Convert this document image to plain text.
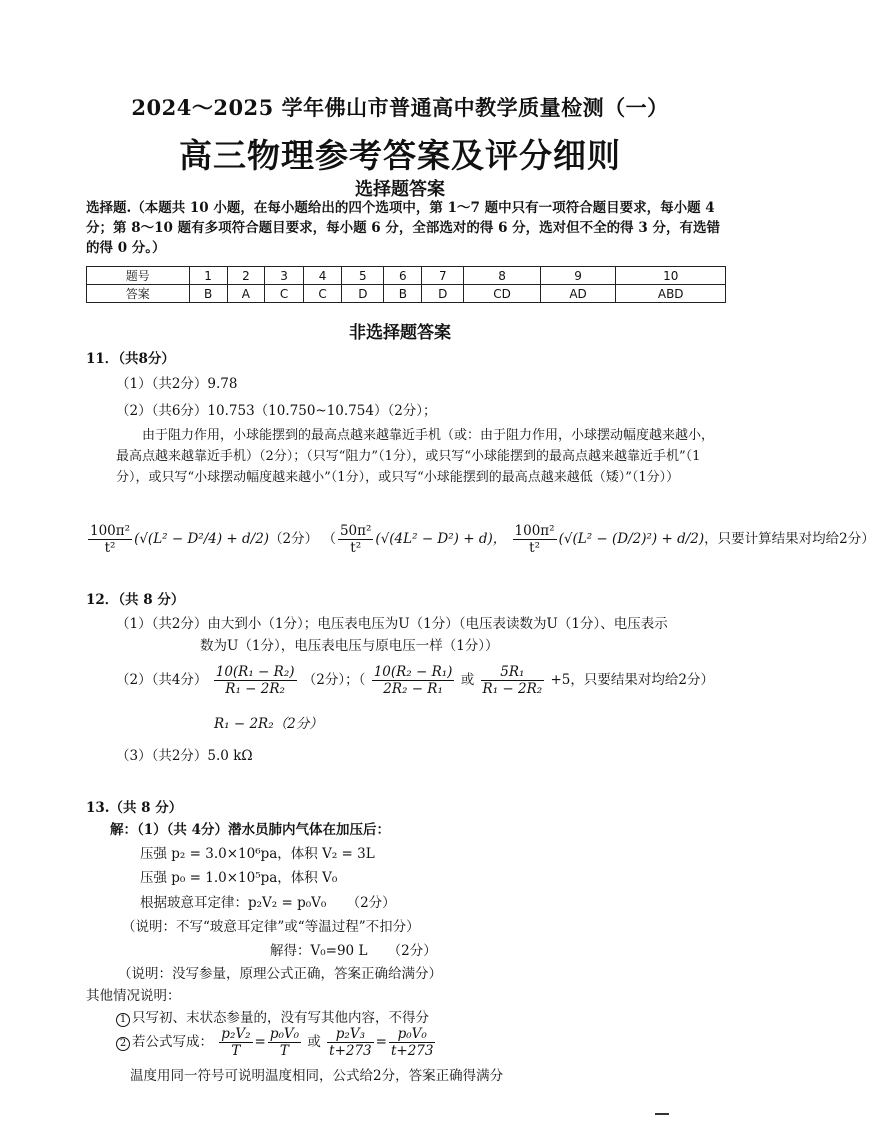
2024～2025 学年佛山市普通高中教学质量检测（一）
高三物理参考答案及评分细则
选择题答案
选择题.（本题共 10 小题，在每小题给出的四个选项中，第 1～7 题中只有一项符合题目要求，每小题 4 分；第 8～10 题有多项符合题目要求，每小题 6 分，全部选对的得 6 分，选对但不全的得 3 分，有选错 的得 0 分。）
题号	1	2	3	4	5	6	7	8	9	10
答案	B	A	C	C	D	B	D	CD	AD	ABD
非选择题答案
11．（共8分）
（1）（共2分）9.78
（2）（共6分）10.753（10.750~10.754）（2分）；
由于阻力作用，小球能摆到的最高点越来越靠近手机（或：由于阻力作用，小球摆动幅度越来越小，最高点越来越靠近手机）（2分）；（只写“阻力”（1分），或只写“小球能摆到的最高点越来越靠近手机”（1分），或只写“小球摆动幅度越来越小”（1分），或只写“小球能摆到的最高点越来越低（矮）”（1分））
$\frac{\text{100π²}}{\text{t²}} (√(L^2 - D^2/4) + d/2)(2$分） （ $\frac{\text{50π²}}{\text{t²}} (√(4L^2 - D^2) + d)$， $\frac{\text{100π²}}{\text{t²}} (√(L^2 - (D/2)^2) + d/2)$，只要计算结果对均给2分）
12．（共 8 分）
（1）（共2分）由大到小（1分）；电压表电压为U（1分）（电压表读数为U（1分）、电压表示
数为U（1分），电压表电压与原电压一样（1分））
（2）（共4分） $\frac{\text{10(R₁ − R₂)}}{\text{R₁ − 2R₂}} (2$分）；（ $\frac{\text{10(R₂ − R₁)}}{\text{2R₂ − R₁}}$ 或 $\frac{\text{5R₁}}{\text{R₁ − 2R₂}} +5$，只要结果对均给2分）
R₁ − 2R₂（2分）
（3）（共2分）5.0 kΩ
13.（共 8 分）
解：（1）（共 4分）潜水员肺内气体在加压后：
压强 p₂ = 3.0×10⁶pa，体积 V₂ = 3L
压强 p₀ = 1.0×10⁵pa，体积 V₀
根据玻意耳定律：p₂V₂ = p₀V₀　　（2分）
（说明：不写“玻意耳定律”或“等温过程”不扣分）
解得：V₀=90 L　　（2分）
（说明：没写参量，原理公式正确，答案正确给满分）
其他情况说明：
1 只写初、末状态参量的，没有写其他内容，不得分
2 若公式写成： $\frac{\text{p₂V₂}}{T} = \frac{\text{p₀V₀}}{T}$ 或 $\frac{\text{p₂V₃}}{t+273} = \frac{\text{p₀V₀}}{t+273}$
温度用同一符号可说明温度相同，公式给2分，答案正确得满分
